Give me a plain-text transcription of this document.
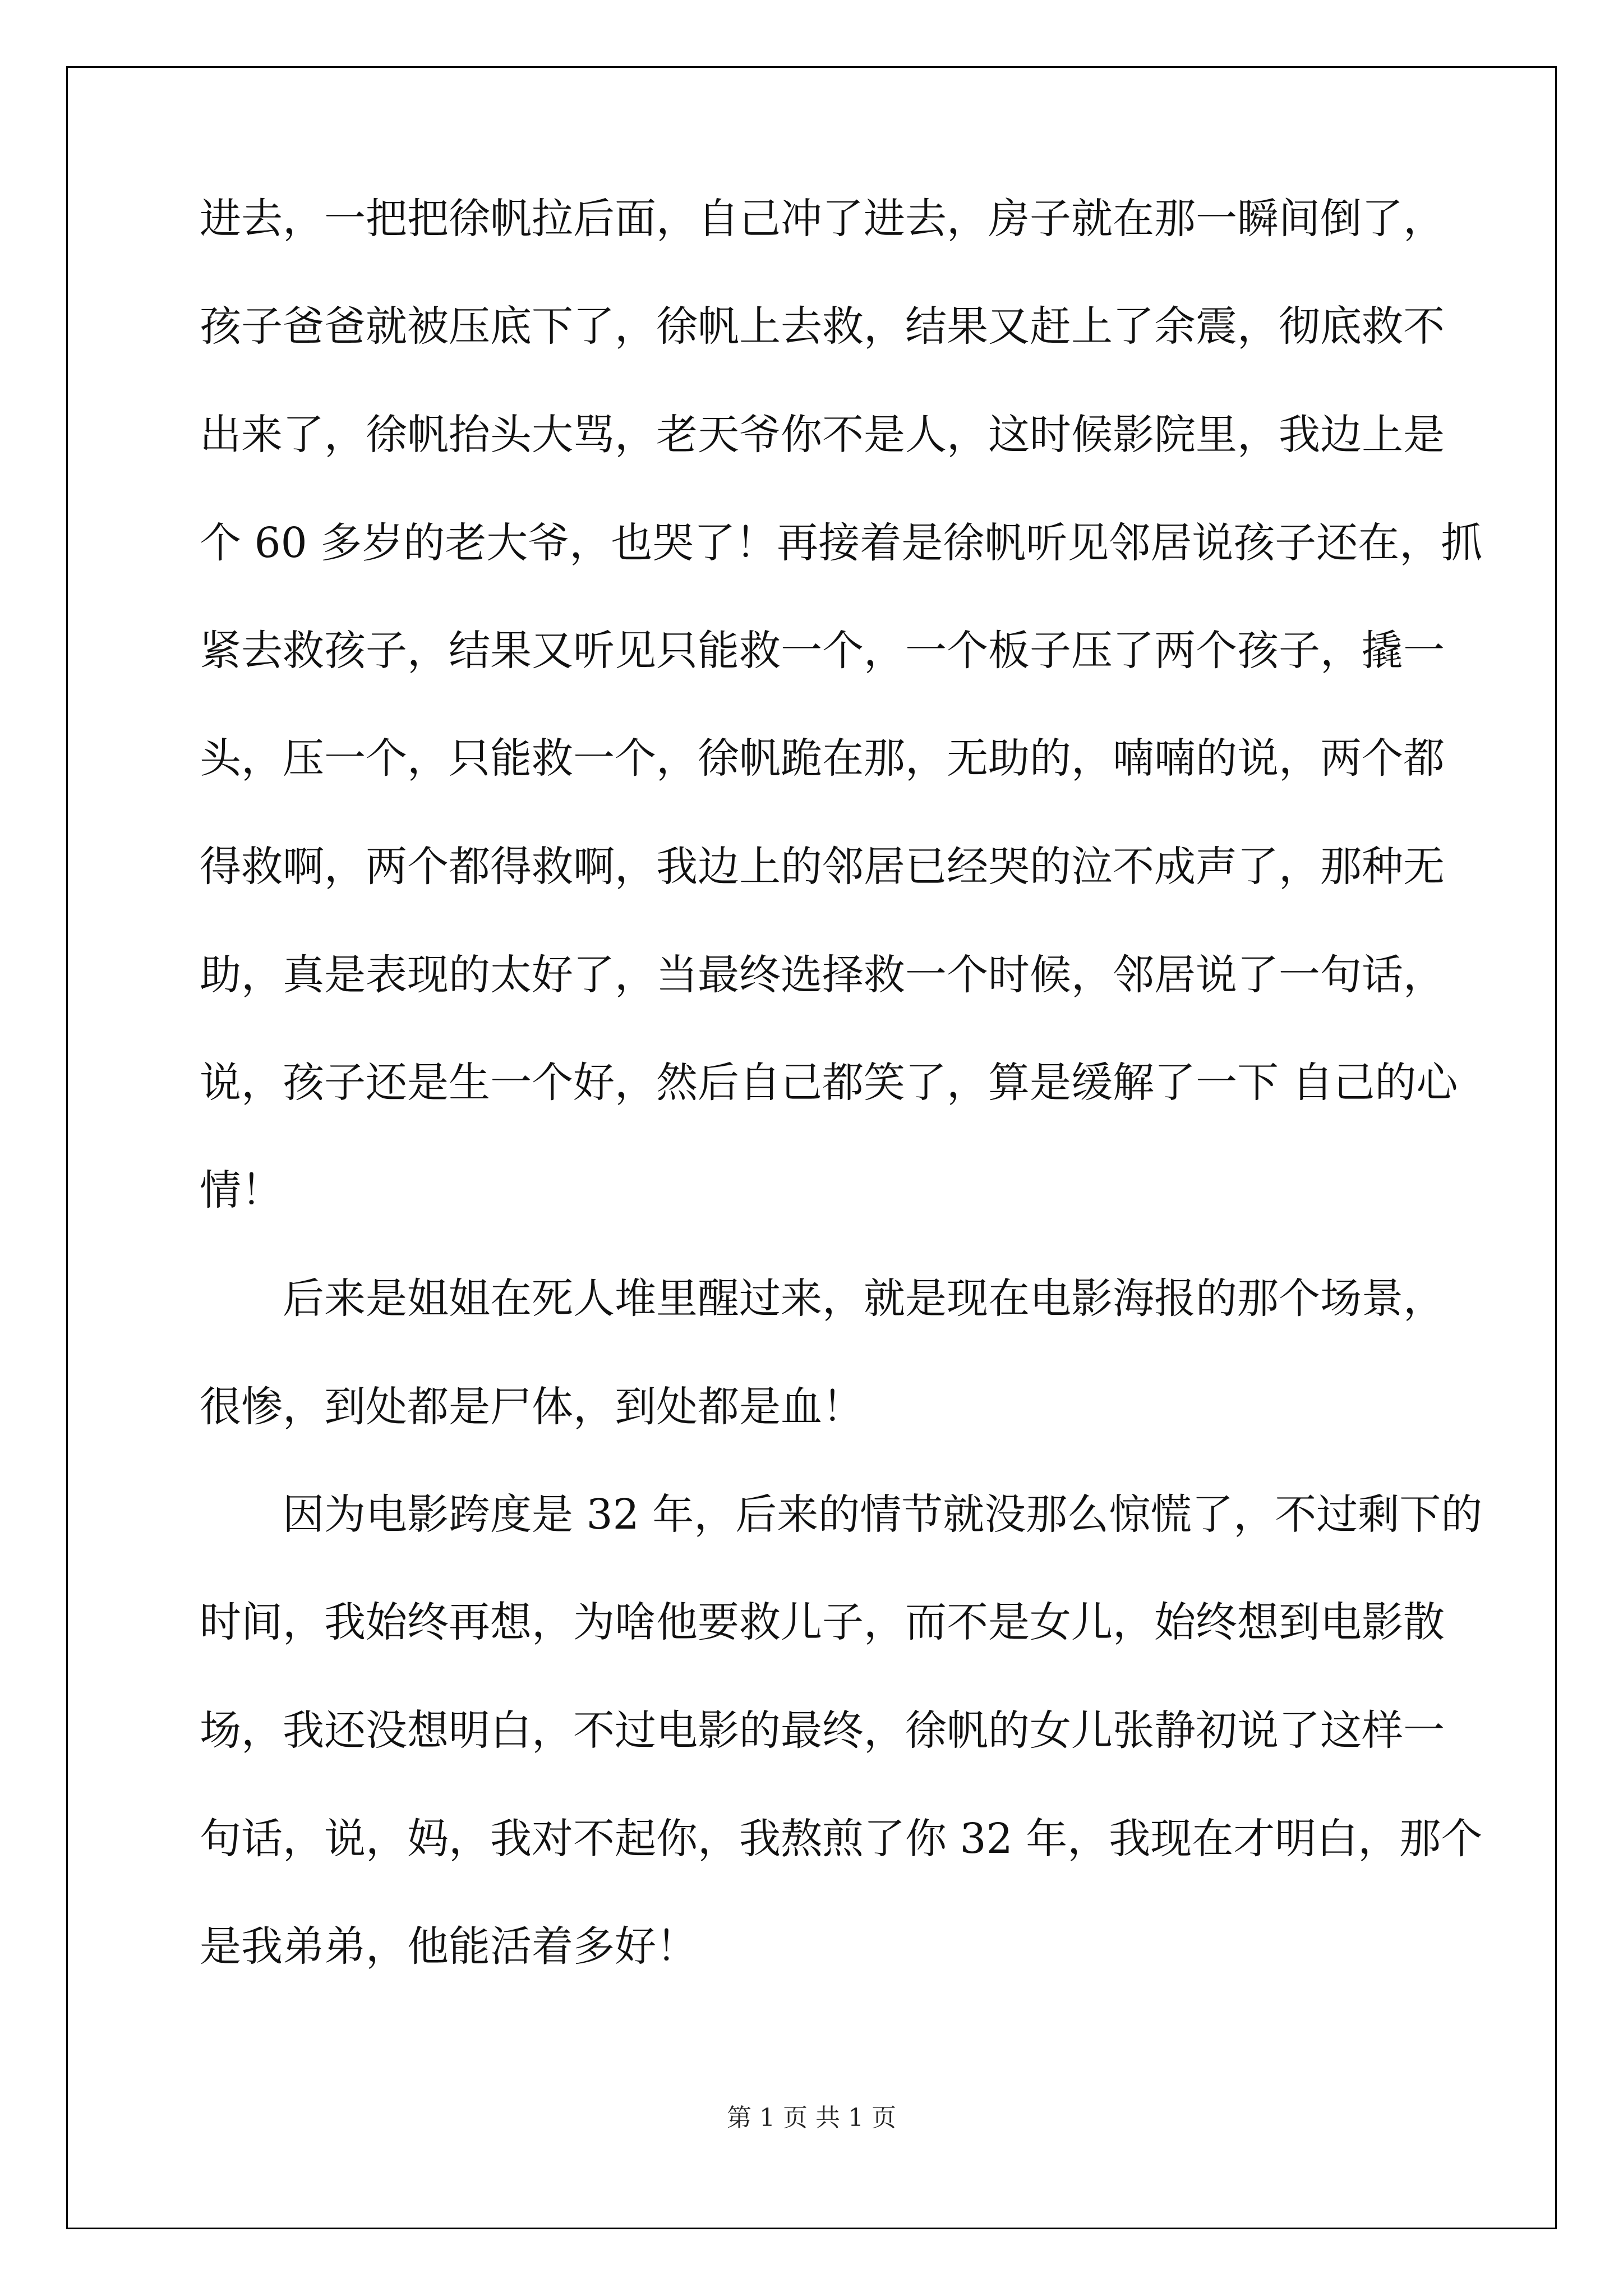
进去，一把把徐帆拉后面，自己冲了进去，房子就在那一瞬间倒了，
孩子爸爸就被压底下了，徐帆上去救，结果又赶上了余震，彻底救不
出来了，徐帆抬头大骂，老天爷你不是人，这时候影院里，我边上是
个 60 多岁的老大爷，也哭了！再接着是徐帆听见邻居说孩子还在，抓
紧去救孩子，结果又听见只能救一个，一个板子压了两个孩子，撬一
头，压一个，只能救一个，徐帆跪在那，无助的，喃喃的说，两个都
得救啊，两个都得救啊，我边上的邻居已经哭的泣不成声了，那种无
助，真是表现的太好了，当最终选择救一个时候，邻居说了一句话，
说，孩子还是生一个好，然后自己都笑了，算是缓解了一下 自己的心
情！
后来是姐姐在死人堆里醒过来，就是现在电影海报的那个场景，
很惨，到处都是尸体，到处都是血！
因为电影跨度是 32 年，后来的情节就没那么惊慌了，不过剩下的
时间，我始终再想，为啥他要救儿子，而不是女儿，始终想到电影散
场，我还没想明白，不过电影的最终，徐帆的女儿张静初说了这样一
句话，说，妈，我对不起你，我熬煎了你 32 年，我现在才明白，那个
是我弟弟，他能活着多好！
第 1 页 共 1 页
